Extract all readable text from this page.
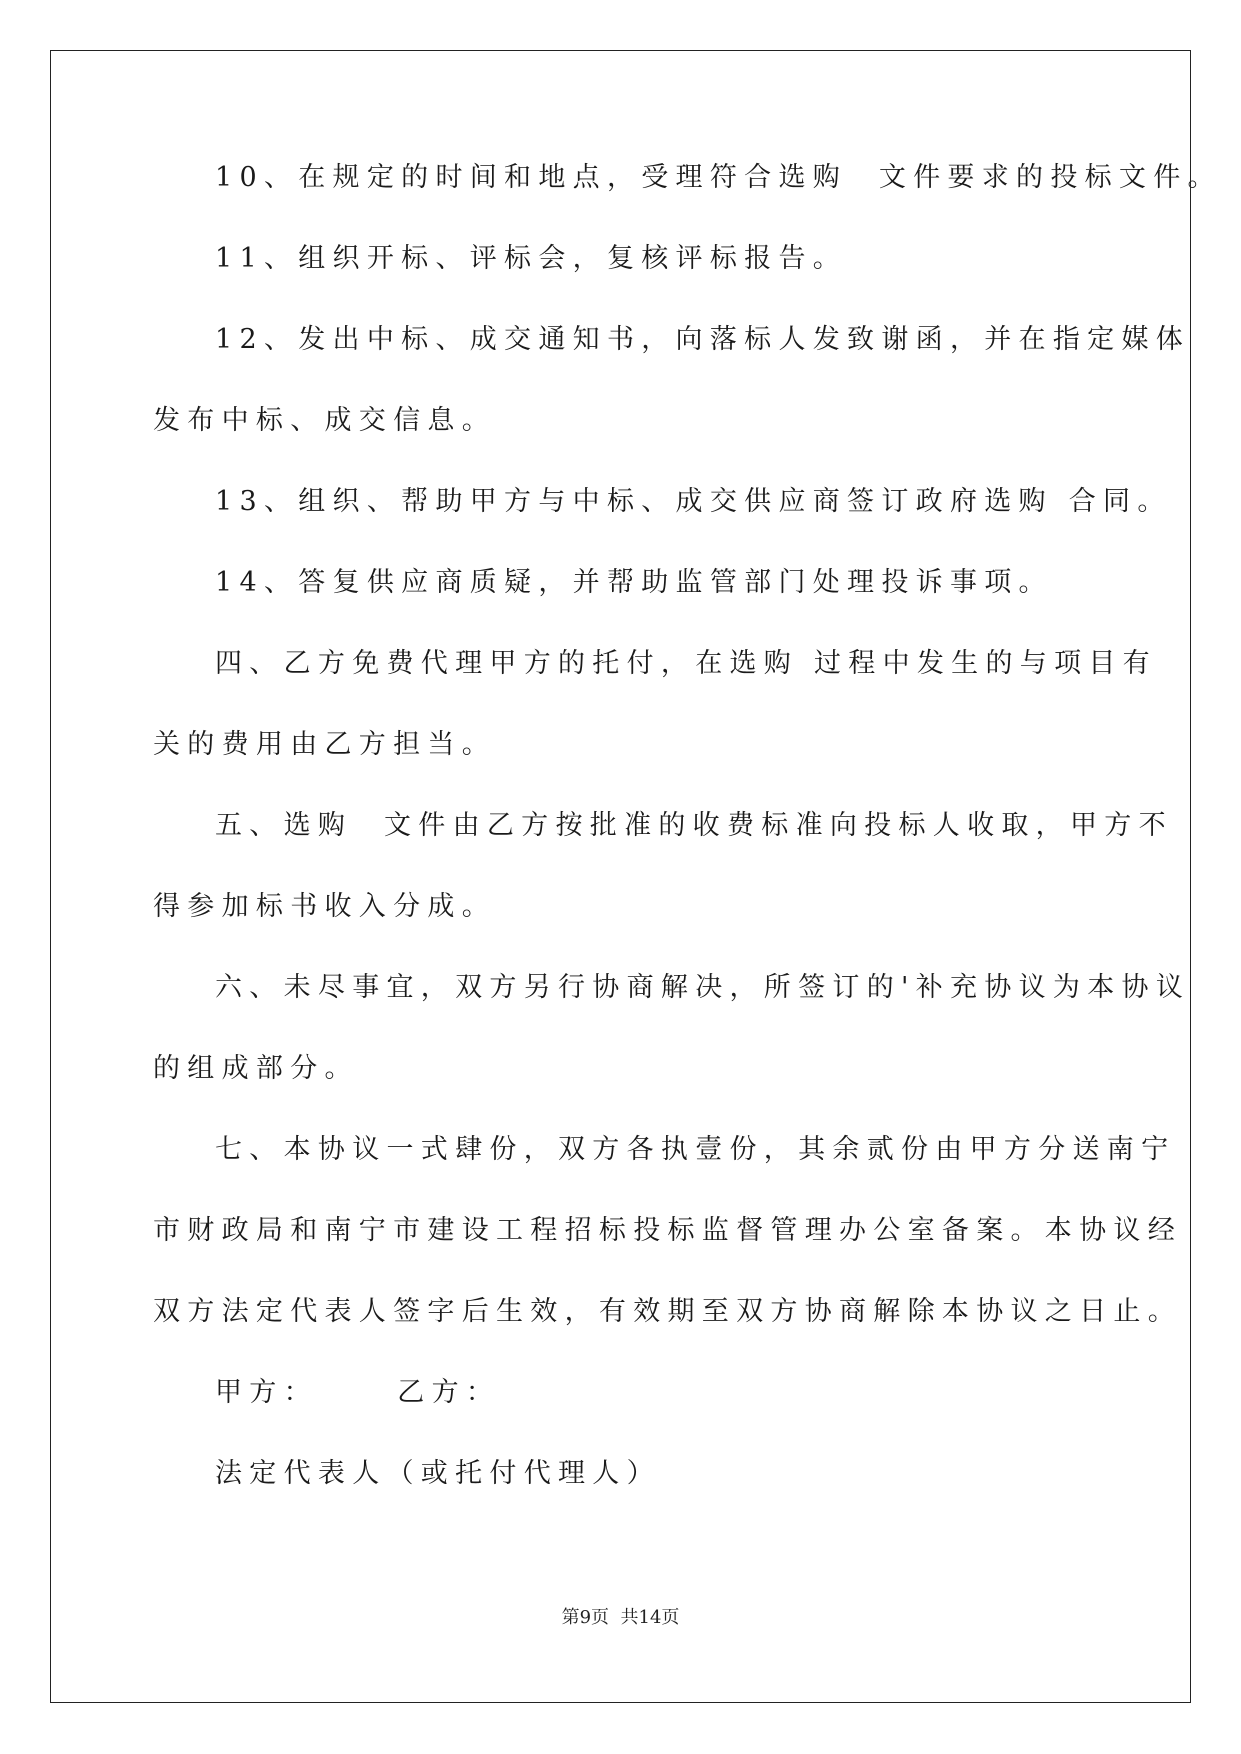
10、在规定的时间和地点，受理符合选购  文件要求的投标文件。
11、组织开标、评标会，复核评标报告。
12、发出中标、成交通知书，向落标人发致谢函，并在指定媒体
发布中标、成交信息。
13、组织、帮助甲方与中标、成交供应商签订政府选购 合同。
14、答复供应商质疑，并帮助监管部门处理投诉事项。
四、乙方免费代理甲方的托付，在选购 过程中发生的与项目有
关的费用由乙方担当。
五、选购  文件由乙方按批准的收费标准向投标人收取，甲方不
得参加标书收入分成。
六、未尽事宜，双方另行协商解决，所签订的'补充协议为本协议
的组成部分。
七、本协议一式肆份，双方各执壹份，其余贰份由甲方分送南宁
市财政局和南宁市建设工程招标投标监督管理办公室备案。本协议经
双方法定代表人签字后生效，有效期至双方协商解除本协议之日止。
甲方：     乙方：
法定代表人（或托付代理人）
第9页  共14页
